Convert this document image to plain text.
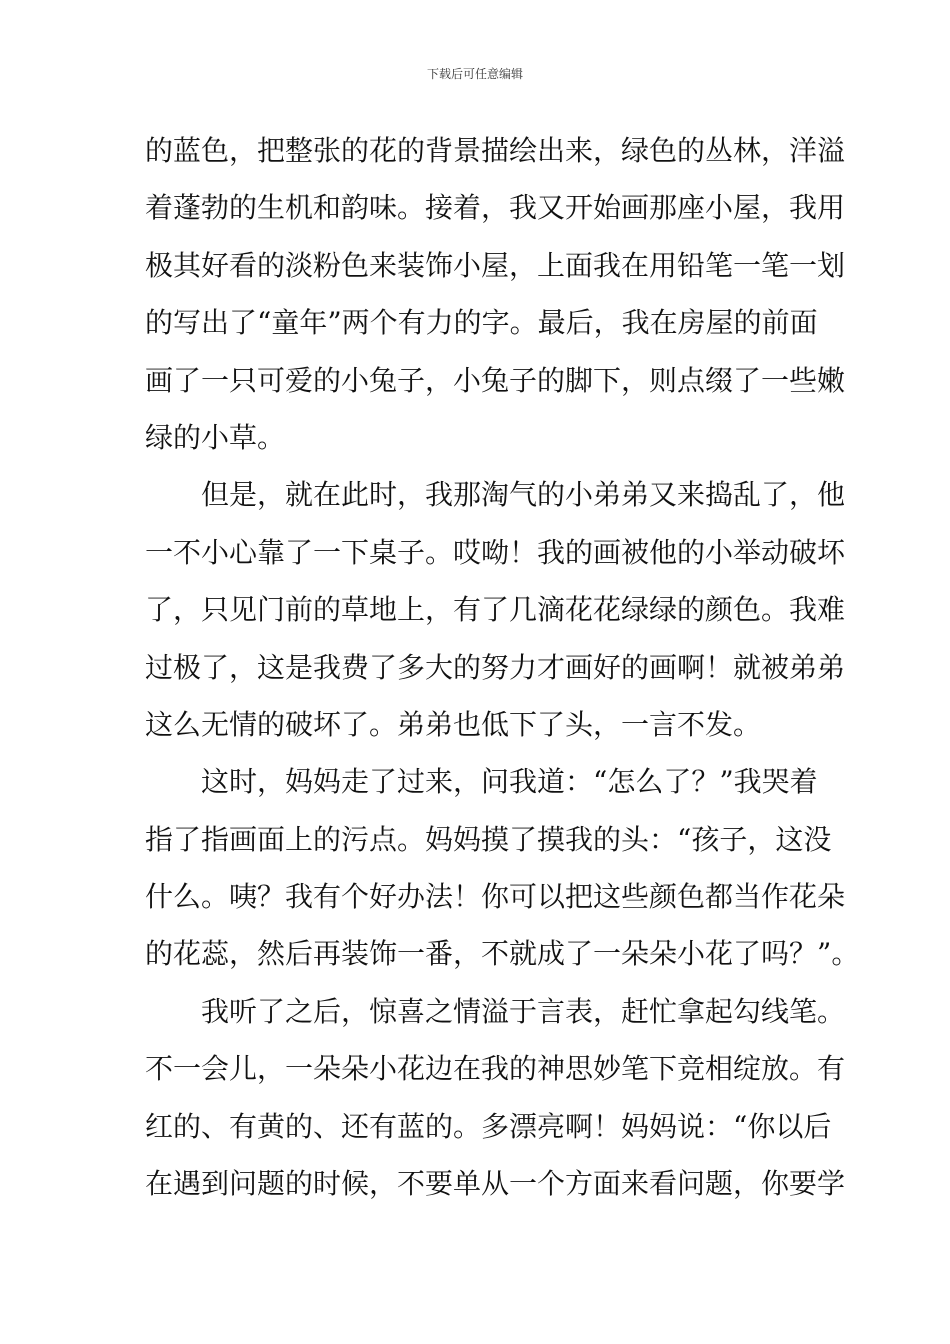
下载后可任意编辑
的蓝色，把整张的花的背景描绘出来，绿色的丛林，洋溢
着蓬勃的生机和韵味。接着，我又开始画那座小屋，我用
极其好看的淡粉色来装饰小屋，上面我在用铅笔一笔一划
的写出了“童年”两个有力的字。最后，我在房屋的前面
画了一只可爱的小兔子，小兔子的脚下，则点缀了一些嫩
绿的小草。
　　但是，就在此时，我那淘气的小弟弟又来捣乱了，他
一不小心靠了一下桌子。哎呦！我的画被他的小举动破坏
了，只见门前的草地上，有了几滴花花绿绿的颜色。我难
过极了，这是我费了多大的努力才画好的画啊！就被弟弟
这么无情的破坏了。弟弟也低下了头，一言不发。
　　这时，妈妈走了过来，问我道：“怎么了？”我哭着
指了指画面上的污点。妈妈摸了摸我的头：“孩子，这没
什么。咦？我有个好办法！你可以把这些颜色都当作花朵
的花蕊，然后再装饰一番，不就成了一朵朵小花了吗？”。
　　我听了之后，惊喜之情溢于言表，赶忙拿起勾线笔。
不一会儿，一朵朵小花边在我的神思妙笔下竞相绽放。有
红的、有黄的、还有蓝的。多漂亮啊！妈妈说：“你以后
在遇到问题的时候，不要单从一个方面来看问题，你要学
